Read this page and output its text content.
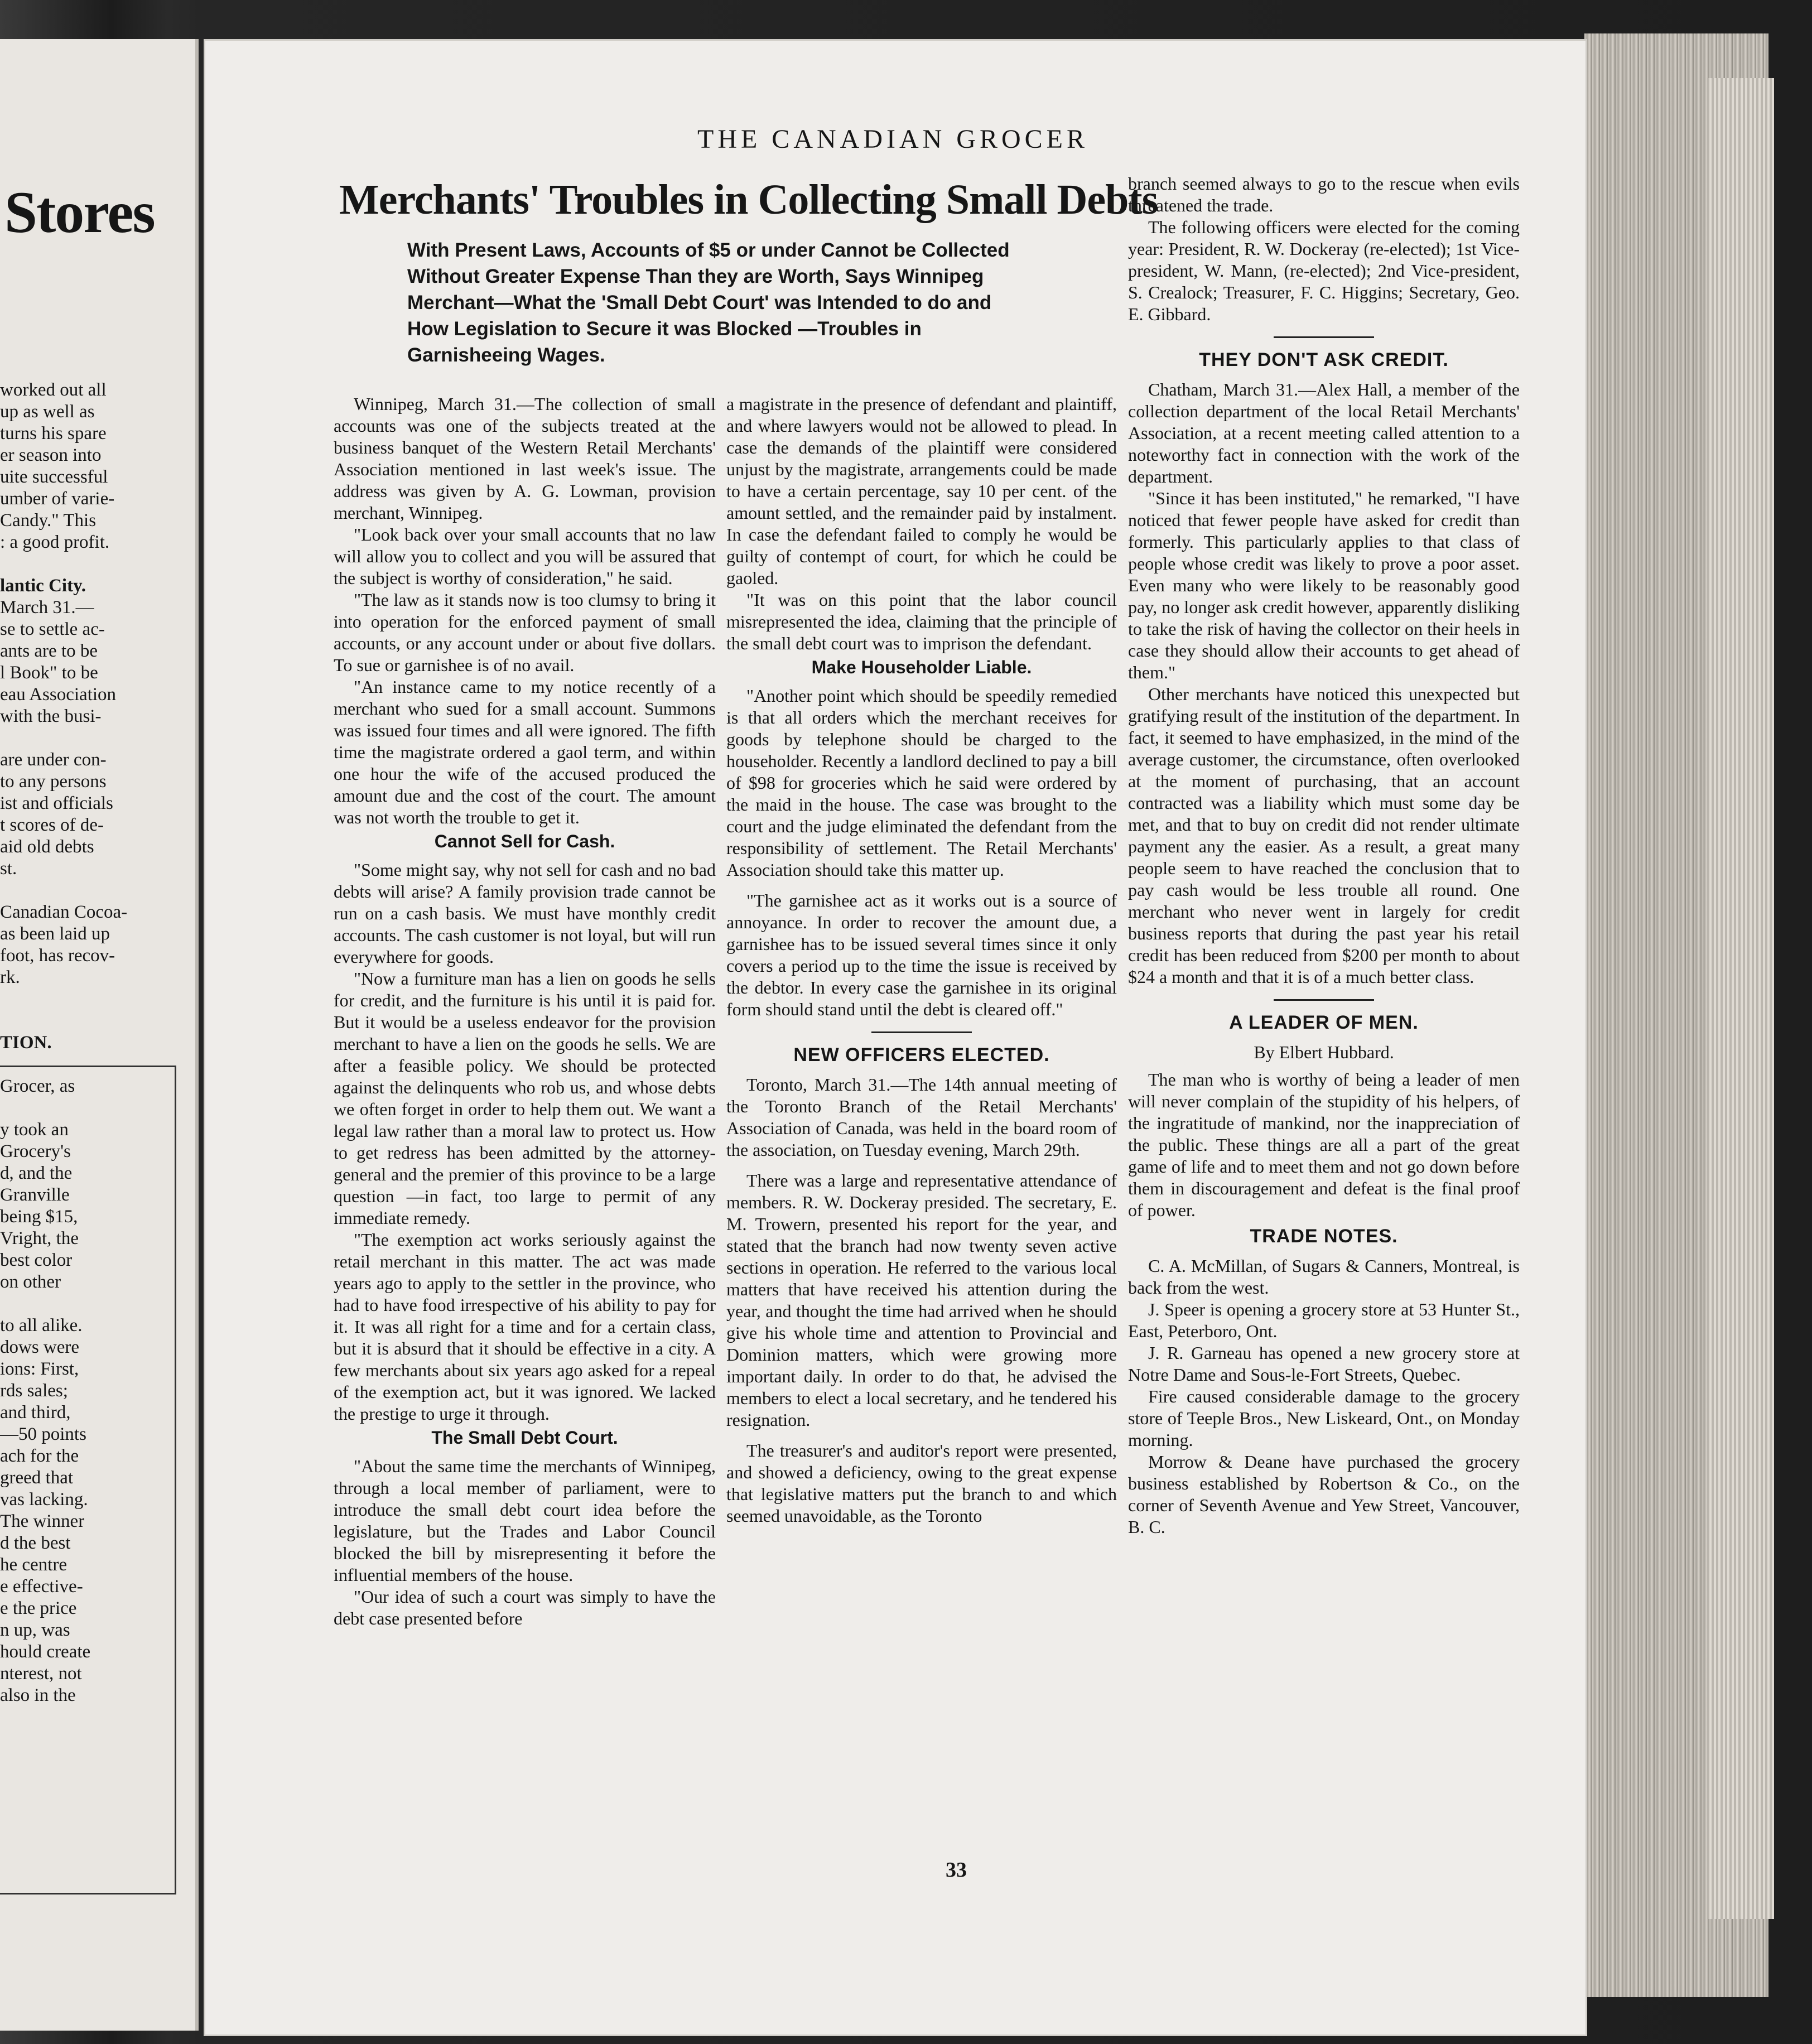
Stores
worked out all
up as well as
turns his spare
er season into
uite successful
umber of varie-
Candy." This
: a good profit.
lantic City.
March 31.—
se to settle ac-
ants are to be
l Book" to be
eau Association
with the busi-
are under con-
to any persons
ist and officials
t scores of de-
aid old debts
st.
Canadian Cocoa-
as been laid up
foot, has recov-
rk.
TION.
Grocer, as
y took an
Grocery's
d, and the
Granville
being $15,
Vright, the
best color
on other
to all alike.
dows were
ions: First,
rds sales;
and third,
—50 points
ach for the
greed that
vas lacking.
The winner
d the best
he centre
e effective-
e the price
n up, was
hould create
nterest, not
also in the
THE CANADIAN GROCER
Merchants' Troubles in Collecting Small Debts
With Present Laws, Accounts of $5 or under Cannot be Collected Without Greater Expense Than they are Worth, Says Winnipeg Merchant—What the 'Small Debt Court' was Intended to do and How Legislation to Secure it was Blocked —Troubles in Garnisheeing Wages.

Winnipeg, March 31.—The collection of small accounts was one of the subjects treated at the business banquet of the Western Retail Merchants' Association mentioned in last week's issue. The address was given by A. G. Lowman, provision merchant, Winnipeg.

"Look back over your small accounts that no law will allow you to collect and you will be assured that the subject is worthy of consideration," he said.

"The law as it stands now is too clumsy to bring it into operation for the enforced payment of small accounts, or any account under or about five dollars. To sue or garnishee is of no avail.

"An instance came to my notice recently of a merchant who sued for a small account. Summons was issued four times and all were ignored. The fifth time the magistrate ordered a gaol term, and within one hour the wife of the accused produced the amount due and the cost of the court. The amount was not worth the trouble to get it.

Cannot Sell for Cash.

"Some might say, why not sell for cash and no bad debts will arise? A family provision trade cannot be run on a cash basis. We must have monthly credit accounts. The cash customer is not loyal, but will run everywhere for goods.

"Now a furniture man has a lien on goods he sells for credit, and the furniture is his until it is paid for. But it would be a useless endeavor for the provision merchant to have a lien on the goods he sells. We are after a feasible policy. We should be protected against the delinquents who rob us, and whose debts we often forget in order to help them out. We want a legal law rather than a moral law to protect us. How to get redress has been admitted by the attorney-general and the premier of this province to be a large question —in fact, too large to permit of any immediate remedy.

"The exemption act works seriously against the retail merchant in this matter. The act was made years ago to apply to the settler in the province, who had to have food irrespective of his ability to pay for it. It was all right for a time and for a certain class, but it is absurd that it should be effective in a city. A few merchants about six years ago asked for a repeal of the exemption act, but it was ignored. We lacked the prestige to urge it through.

The Small Debt Court.

"About the same time the merchants of Winnipeg, through a local member of parliament, were to introduce the small debt court idea before the legislature, but the Trades and Labor Council blocked the bill by misrepresenting it before the influential members of the house.

"Our idea of such a court was simply to have the debt case presented before

a magistrate in the presence of defendant and plaintiff, and where lawyers would not be allowed to plead. In case the demands of the plaintiff were considered unjust by the magistrate, arrangements could be made to have a certain percentage, say 10 per cent. of the amount settled, and the remainder paid by instalment. In case the defendant failed to comply he would be guilty of contempt of court, for which he could be gaoled.

"It was on this point that the labor council misrepresented the idea, claiming that the principle of the small debt court was to imprison the defendant.

Make Householder Liable.

"Another point which should be speedily remedied is that all orders which the merchant receives for goods by telephone should be charged to the householder. Recently a landlord declined to pay a bill of $98 for groceries which he said were ordered by the maid in the house. The case was brought to the court and the judge eliminated the defendant from the responsibility of settlement. The Retail Merchants' Association should take this matter up.

"The garnishee act as it works out is a source of annoyance. In order to recover the amount due, a garnishee has to be issued several times since it only covers a period up to the time the issue is received by the debtor. In every case the garnishee in its original form should stand until the debt is cleared off."

NEW OFFICERS ELECTED.

Toronto, March 31.—The 14th annual meeting of the Toronto Branch of the Retail Merchants' Association of Canada, was held in the board room of the association, on Tuesday evening, March 29th.

There was a large and representative attendance of members. R. W. Dockeray presided. The secretary, E. M. Trowern, presented his report for the year, and stated that the branch had now twenty seven active sections in operation. He referred to the various local matters that have received his attention during the year, and thought the time had arrived when he should give his whole time and attention to Provincial and Dominion matters, which were growing more important daily. In order to do that, he advised the members to elect a local secretary, and he tendered his resignation.

The treasurer's and auditor's report were presented, and showed a deficiency, owing to the great expense that legislative matters put the branch to and which seemed unavoidable, as the Toronto

branch seemed always to go to the rescue when evils threatened the trade.

The following officers were elected for the coming year: President, R. W. Dockeray (re-elected); 1st Vice-president, W. Mann, (re-elected); 2nd Vice-president, S. Crealock; Treasurer, F. C. Higgins; Secretary, Geo. E. Gibbard.

THEY DON'T ASK CREDIT.

Chatham, March 31.—Alex Hall, a member of the collection department of the local Retail Merchants' Association, at a recent meeting called attention to a noteworthy fact in connection with the work of the department.

"Since it has been instituted," he remarked, "I have noticed that fewer people have asked for credit than formerly. This particularly applies to that class of people whose credit was likely to prove a poor asset. Even many who were likely to be reasonably good pay, no longer ask credit however, apparently disliking to take the risk of having the collector on their heels in case they should allow their accounts to get ahead of them."

Other merchants have noticed this unexpected but gratifying result of the institution of the department. In fact, it seemed to have emphasized, in the mind of the average customer, the circumstance, often overlooked at the moment of purchasing, that an account contracted was a liability which must some day be met, and that to buy on credit did not render ultimate payment any the easier. As a result, a great many people seem to have reached the conclusion that to pay cash would be less trouble all round. One merchant who never went in largely for credit business reports that during the past year his retail credit has been reduced from $200 per month to about $24 a month and that it is of a much better class.

A LEADER OF MEN.
By Elbert Hubbard.

The man who is worthy of being a leader of men will never complain of the stupidity of his helpers, of the ingratitude of mankind, nor the inappreciation of the public. These things are all a part of the great game of life and to meet them and not go down before them in discouragement and defeat is the final proof of power.

TRADE NOTES.

C. A. McMillan, of Sugars & Canners, Montreal, is back from the west.

J. Speer is opening a grocery store at 53 Hunter St., East, Peterboro, Ont.

J. R. Garneau has opened a new grocery store at Notre Dame and Sous-le-Fort Streets, Quebec.

Fire caused considerable damage to the grocery store of Teeple Bros., New Liskeard, Ont., on Monday morning.

Morrow & Deane have purchased the grocery business established by Robertson & Co., on the corner of Seventh Avenue and Yew Street, Vancouver, B. C.

33
